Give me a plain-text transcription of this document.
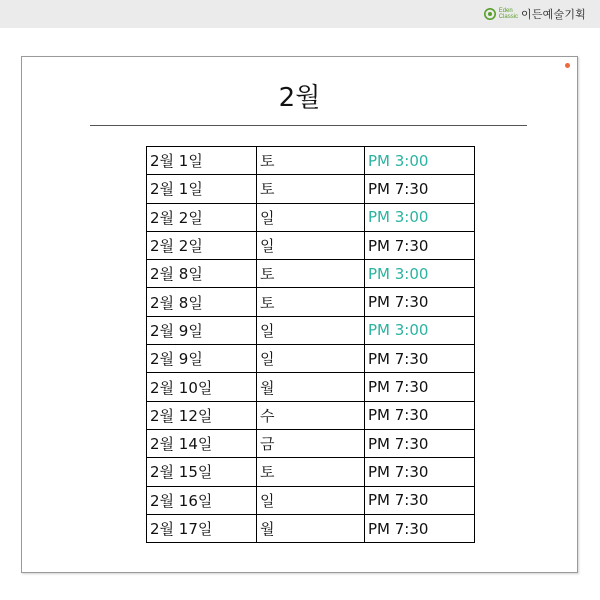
Eden
Classic 이든예술기획
2월
2월 1일	토	PM 3:00
2월 1일	토	PM 7:30
2월 2일	일	PM 3:00
2월 2일	일	PM 7:30
2월 8일	토	PM 3:00
2월 8일	토	PM 7:30
2월 9일	일	PM 3:00
2월 9일	일	PM 7:30
2월 10일	월	PM 7:30
2월 12일	수	PM 7:30
2월 14일	금	PM 7:30
2월 15일	토	PM 7:30
2월 16일	일	PM 7:30
2월 17일	월	PM 7:30
